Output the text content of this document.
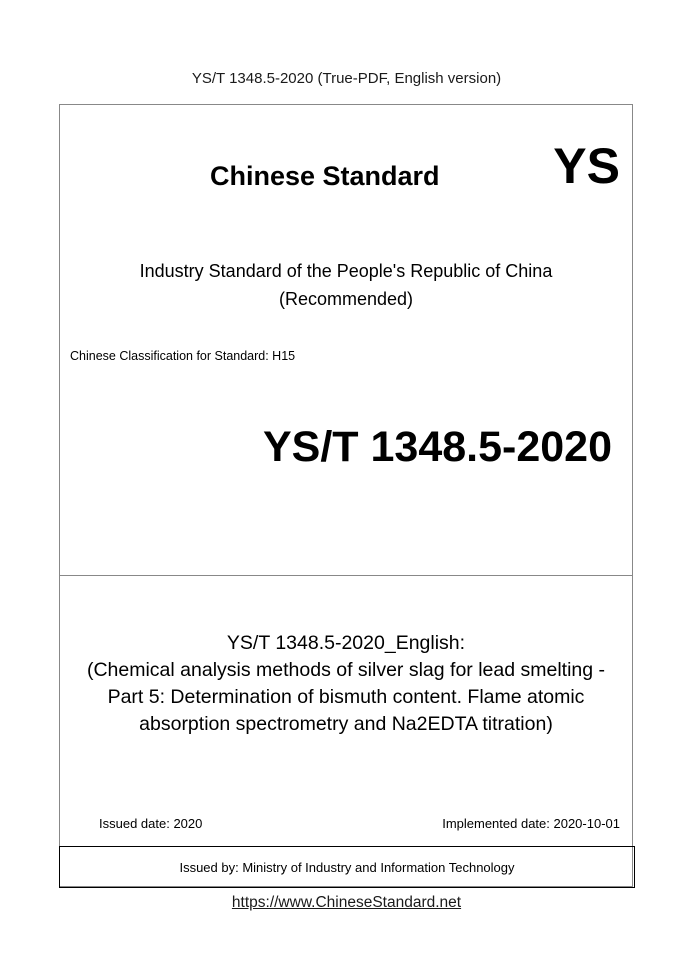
YS/T 1348.5-2020 (True-PDF, English version)
Chinese Standard YS
Industry Standard of the People's Republic of China
(Recommended)
Chinese Classification for Standard: H15
YS/T 1348.5-2020
YS/T 1348.5-2020_English:
(Chemical analysis methods of silver slag for lead smelting -
Part 5: Determination of bismuth content. Flame atomic
absorption spectrometry and Na2EDTA titration)
Issued date: 2020	Implemented date: 2020-10-01
Issued by: Ministry of Industry and Information Technology
https://www.ChineseStandard.net
